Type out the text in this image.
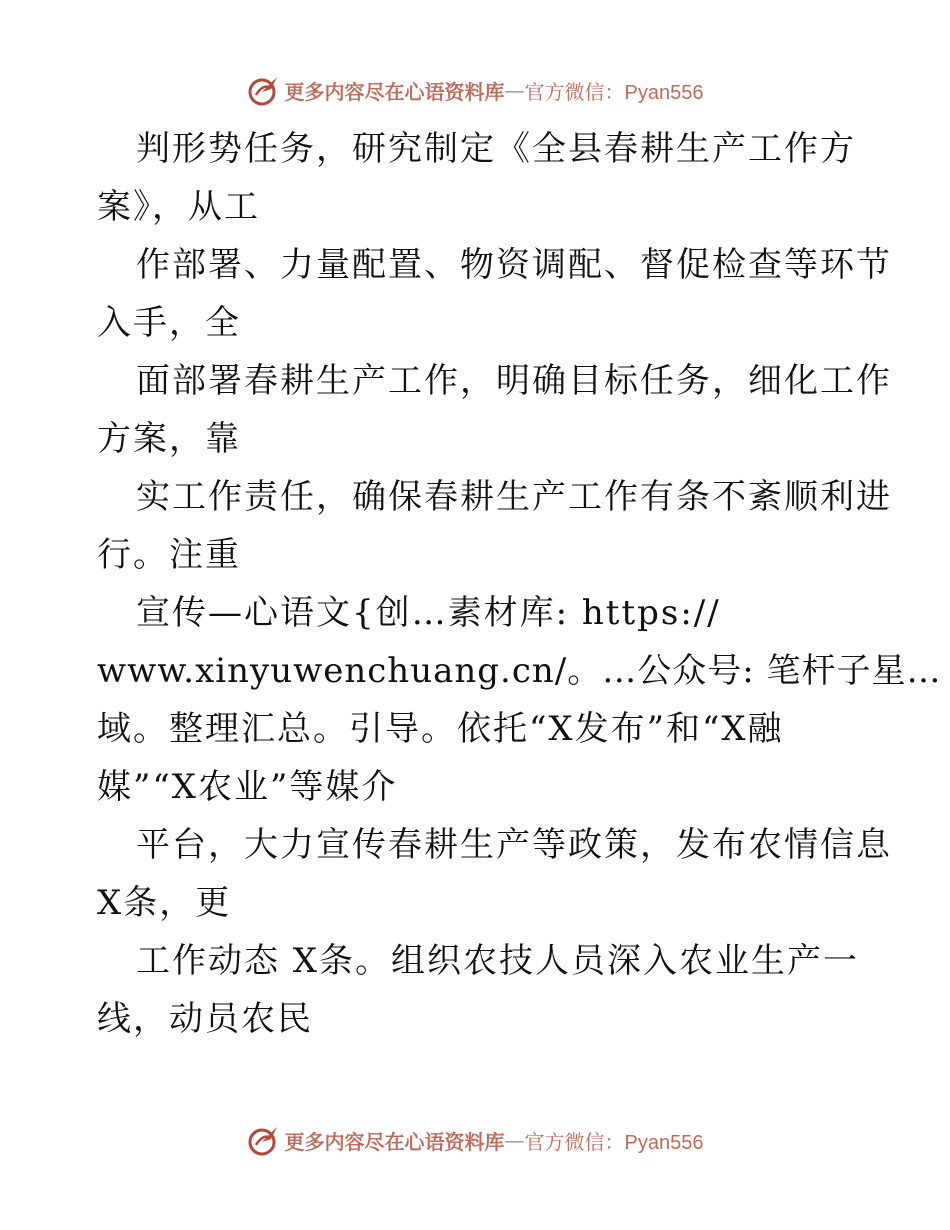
更多内容尽在心语资料库 — 官方微信：Pyan556
判形势任务，研究制定《全县春耕生产工作方
案》，从工
作部署、力量配置、物资调配、督促检查等环节
入手，全
面部署春耕生产工作，明确目标任务，细化工作
方案，靠
实工作责任，确保春耕生产工作有条不紊顺利进
行。注重
宣传—心语文{创…素材库: https://
www.xinyuwenchuang.cn/。…公众号: 笔杆子星…
域。整理汇总。引导。依托“X发布”和“X融
媒”“X农业”等媒介
平台，大力宣传春耕生产等政策，发布农情信息
X条，更
工作动态 X条。组织农技人员深入农业生产一
线，动员农民
更多内容尽在心语资料库 — 官方微信：Pyan556
